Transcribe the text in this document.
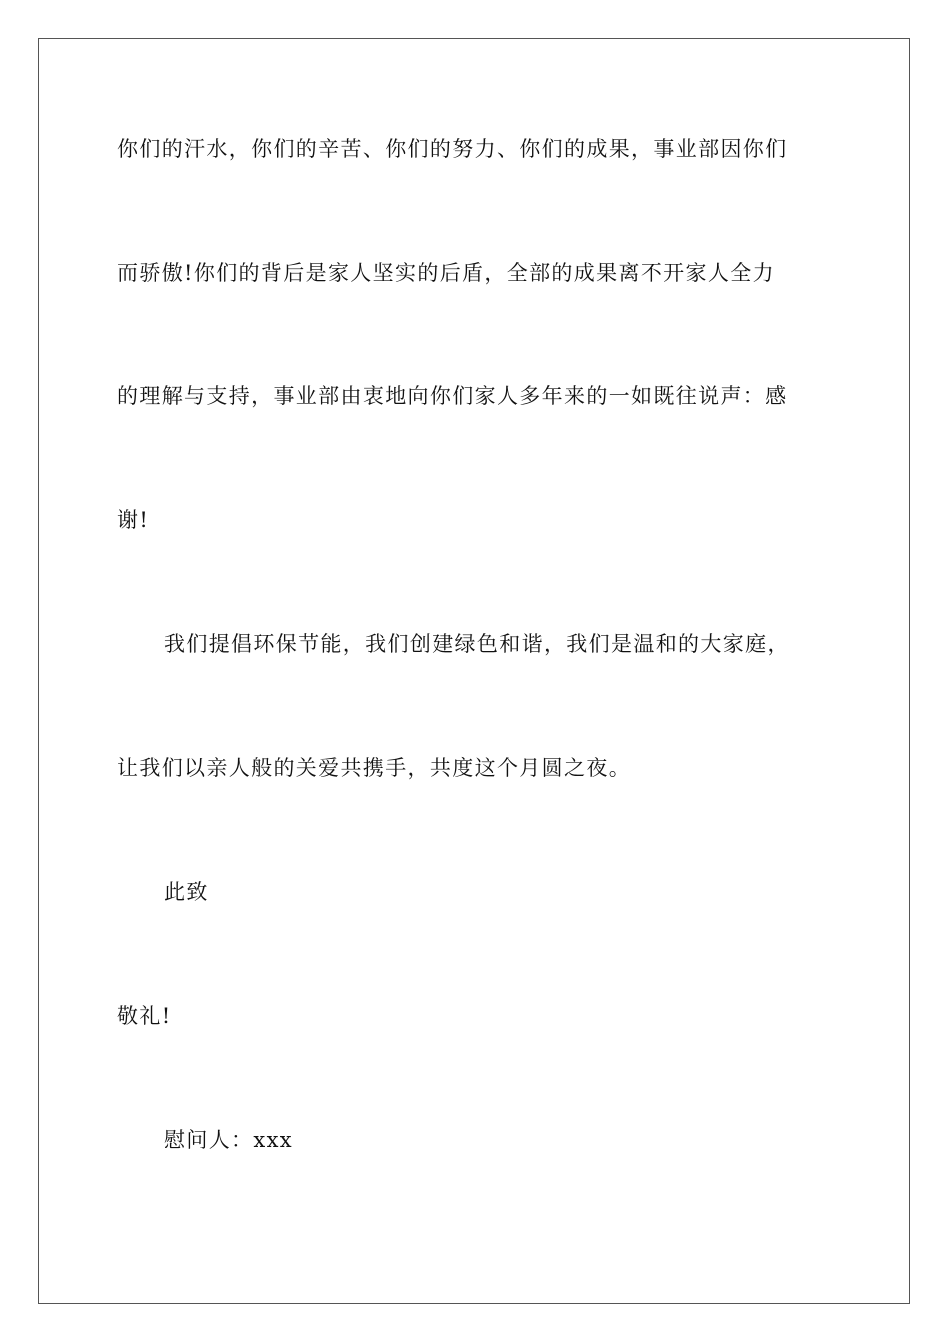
你们的汗水，你们的辛苦、你们的努力、你们的成果，事业部因你们
而骄傲!你们的背后是家人坚实的后盾，全部的成果离不开家人全力
的理解与支持，事业部由衷地向你们家人多年来的一如既往说声：感
谢!
我们提倡环保节能，我们创建绿色和谐，我们是温和的大家庭，
让我们以亲人般的关爱共携手，共度这个月圆之夜。
此致
敬礼!
慰问人：xxx
